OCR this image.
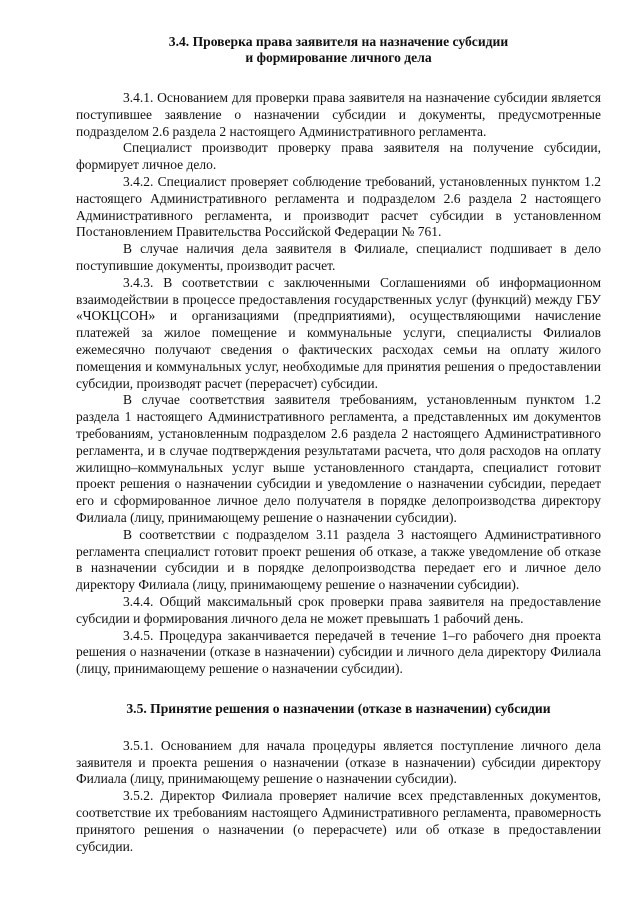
3.4. Проверка права заявителя на назначение субсидии

и формирование личного дела

3.4.1. Основанием для проверки права заявителя на назначение субсидии является поступившее заявление о назначении субсидии и документы, предусмотренные подразделом 2.6 раздела 2 настоящего Административного регламента.

Специалист производит проверку права заявителя на получение субсидии, формирует личное дело.

3.4.2. Специалист проверяет соблюдение требований, установленных пунктом 1.2 настоящего Административного регламента и подразделом 2.6 раздела 2 настоящего Административного регламента, и производит расчет субсидии в установленном Постановлением Правительства Российской Федерации № 761.

В случае наличия дела заявителя в Филиале, специалист подшивает в дело поступившие документы, производит расчет.

3.4.3. В соответствии с заключенными Соглашениями об информационном взаимодействии в процессе предоставления государственных услуг (функций) между ГБУ «ЧОКЦСОН» и организациями (предприятиями), осуществляющими начисление платежей за жилое помещение и коммунальные услуги, специалисты Филиалов ежемесячно получают сведения о фактических расходах семьи на оплату жилого помещения и коммунальных услуг, необходимые для принятия решения о предоставлении субсидии, производят расчет (перерасчет) субсидии.

В случае соответствия заявителя требованиям, установленным пунктом 1.2 раздела 1 настоящего Административного регламента, а представленных им документов требованиям, установленным подразделом 2.6 раздела 2 настоящего Административного регламента, и в случае подтверждения результатами расчета, что доля расходов на оплату жилищно–коммунальных услуг выше установленного стандарта, специалист готовит проект решения о назначении субсидии и уведомление о назначении субсидии, передает его и сформированное личное дело получателя в порядке делопроизводства директору Филиала (лицу, принимающему решение о назначении субсидии).

В соответствии с подразделом 3.11 раздела 3 настоящего Административного регламента специалист готовит проект решения об отказе, а также уведомление об отказе в назначении субсидии и в порядке делопроизводства передает его и личное дело директору Филиала (лицу, принимающему решение о назначении субсидии).

3.4.4. Общий максимальный срок проверки права заявителя на предоставление субсидии и формирования личного дела не может превышать 1 рабочий день.

3.4.5. Процедура заканчивается передачей в течение 1–го рабочего дня проекта решения о назначении (отказе в назначении) субсидии и личного дела директору Филиала (лицу, принимающему решение о назначении субсидии).

3.5. Принятие решения о назначении (отказе в назначении) субсидии

3.5.1. Основанием для начала процедуры является поступление личного дела заявителя и проекта решения о назначении (отказе в назначении) субсидии директору Филиала (лицу, принимающему решение о назначении субсидии).

3.5.2. Директор Филиала проверяет наличие всех представленных документов, соответствие их требованиям настоящего Административного регламента, правомерность принятого решения о назначении (о перерасчете) или об отказе в предоставлении субсидии.
